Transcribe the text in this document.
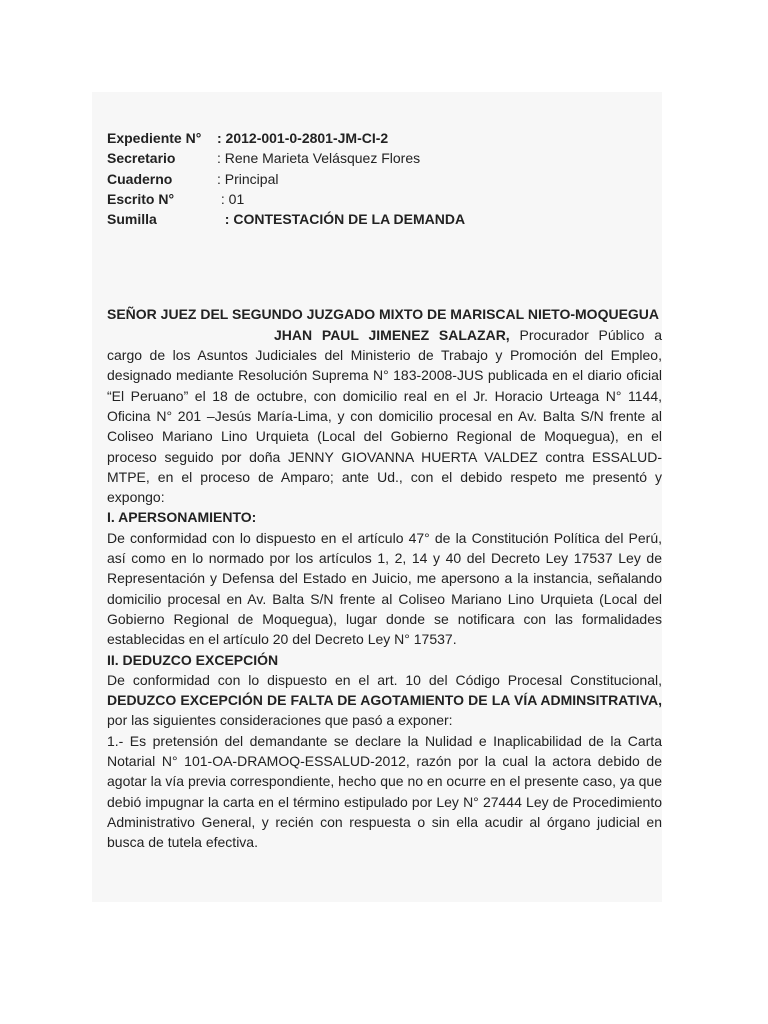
Expediente N°	: 2012-001-0-2801-JM-CI-2
Secretario	: Rene Marieta Velásquez Flores
Cuaderno	: Principal
Escrito N°	: 01
Sumilla	: CONTESTACIÓN DE LA DEMANDA

SEÑOR JUEZ DEL SEGUNDO JUZGADO MIXTO DE MARISCAL NIETO-MOQUEGUA

JHAN PAUL JIMENEZ SALAZAR, Procurador Público a cargo de los Asuntos Judiciales del Ministerio de Trabajo y Promoción del Empleo, designado mediante Resolución Suprema N° 183-2008-JUS publicada en el diario oficial “El Peruano” el 18 de octubre, con domicilio real en el Jr. Horacio Urteaga N° 1144, Oficina N° 201 –Jesús María-Lima, y con domicilio procesal en Av. Balta S/N frente al Coliseo Mariano Lino Urquieta (Local del Gobierno Regional de Moquegua), en el proceso seguido por doña JENNY GIOVANNA HUERTA VALDEZ contra ESSALUD-MTPE, en el proceso de Amparo; ante Ud., con el debido respeto me presentó y expongo:

I. APERSONAMIENTO:

De conformidad con lo dispuesto en el artículo 47° de la Constitución Política del Perú, así como en lo normado por los artículos 1, 2, 14 y 40 del Decreto Ley 17537 Ley de Representación y Defensa del Estado en Juicio, me apersono a la instancia, señalando domicilio procesal en Av. Balta S/N frente al Coliseo Mariano Lino Urquieta (Local del Gobierno Regional de Moquegua), lugar donde se notificara con las formalidades establecidas en el artículo 20 del Decreto Ley N° 17537.

II. DEDUZCO EXCEPCIÓN

De conformidad con lo dispuesto en el art. 10 del Código Procesal Constitucional, DEDUZCO EXCEPCIÓN DE FALTA DE AGOTAMIENTO DE LA VÍA ADMINSITRATIVA, por las siguientes consideraciones que pasó a exponer:

1.- Es pretensión del demandante se declare la Nulidad e Inaplicabilidad de la Carta Notarial N° 101-OA-DRAMOQ-ESSALUD-2012, razón por la cual la actora debido de agotar la vía previa correspondiente, hecho que no en ocurre en el presente caso, ya que debió impugnar la carta en el término estipulado por Ley N° 27444 Ley de Procedimiento Administrativo General, y recién con respuesta o sin ella acudir al órgano judicial en busca de tutela efectiva.
